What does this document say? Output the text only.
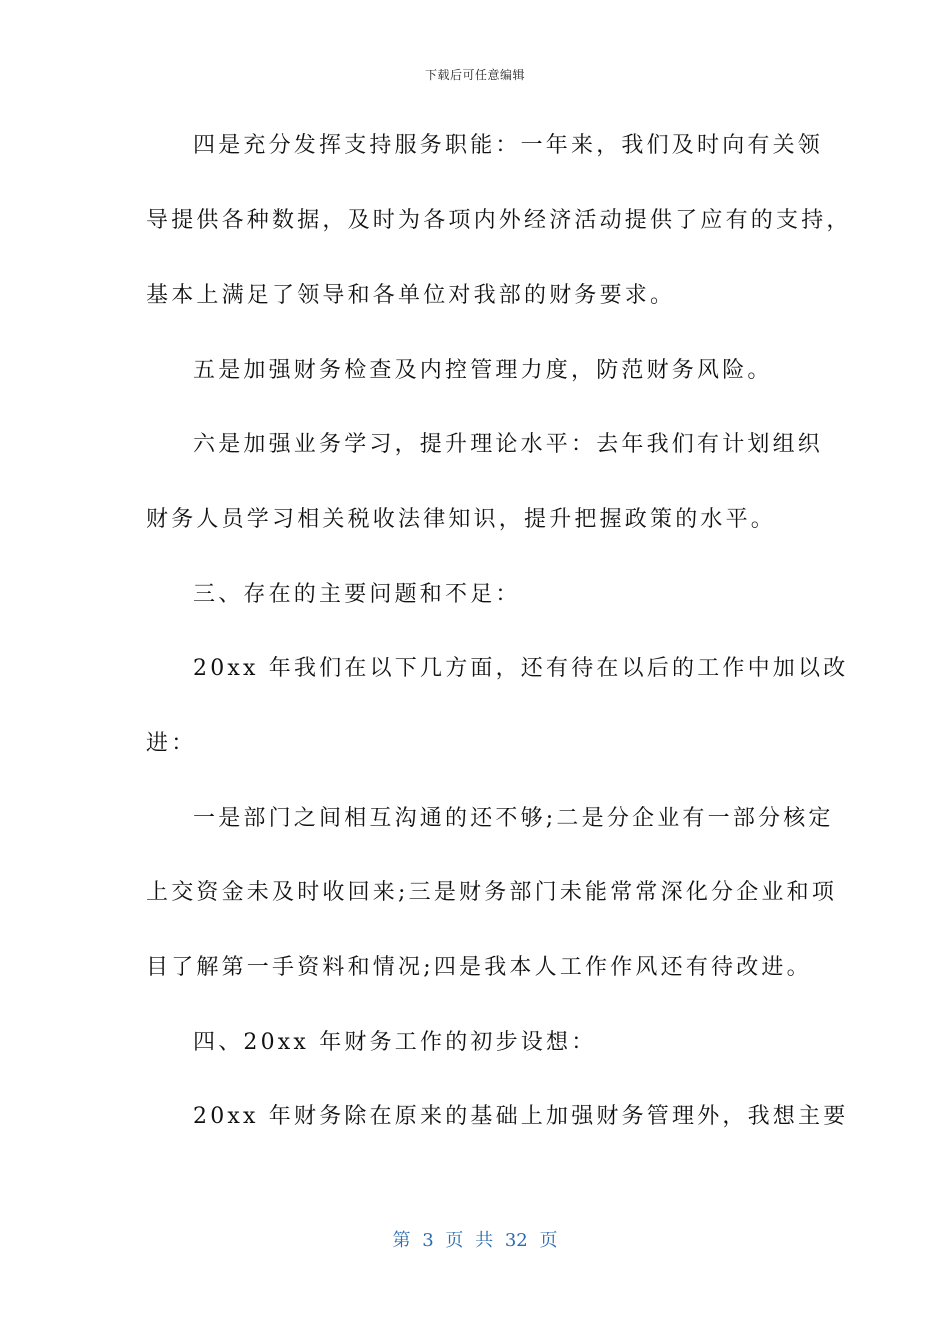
下载后可任意编辑
四是充分发挥支持服务职能：一年来，我们及时向有关领
导提供各种数据，及时为各项内外经济活动提供了应有的支持，
基本上满足了领导和各单位对我部的财务要求。
五是加强财务检查及内控管理力度，防范财务风险。
六是加强业务学习，提升理论水平：去年我们有计划组织
财务人员学习相关税收法律知识，提升把握政策的水平。
三、存在的主要问题和不足：
20xx 年我们在以下几方面，还有待在以后的工作中加以改
进：
一是部门之间相互沟通的还不够;二是分企业有一部分核定
上交资金未及时收回来;三是财务部门未能常常深化分企业和项
目了解第一手资料和情况;四是我本人工作作风还有待改进。
四、20xx 年财务工作的初步设想：
20xx 年财务除在原来的基础上加强财务管理外，我想主要
第 3 页 共 32 页
